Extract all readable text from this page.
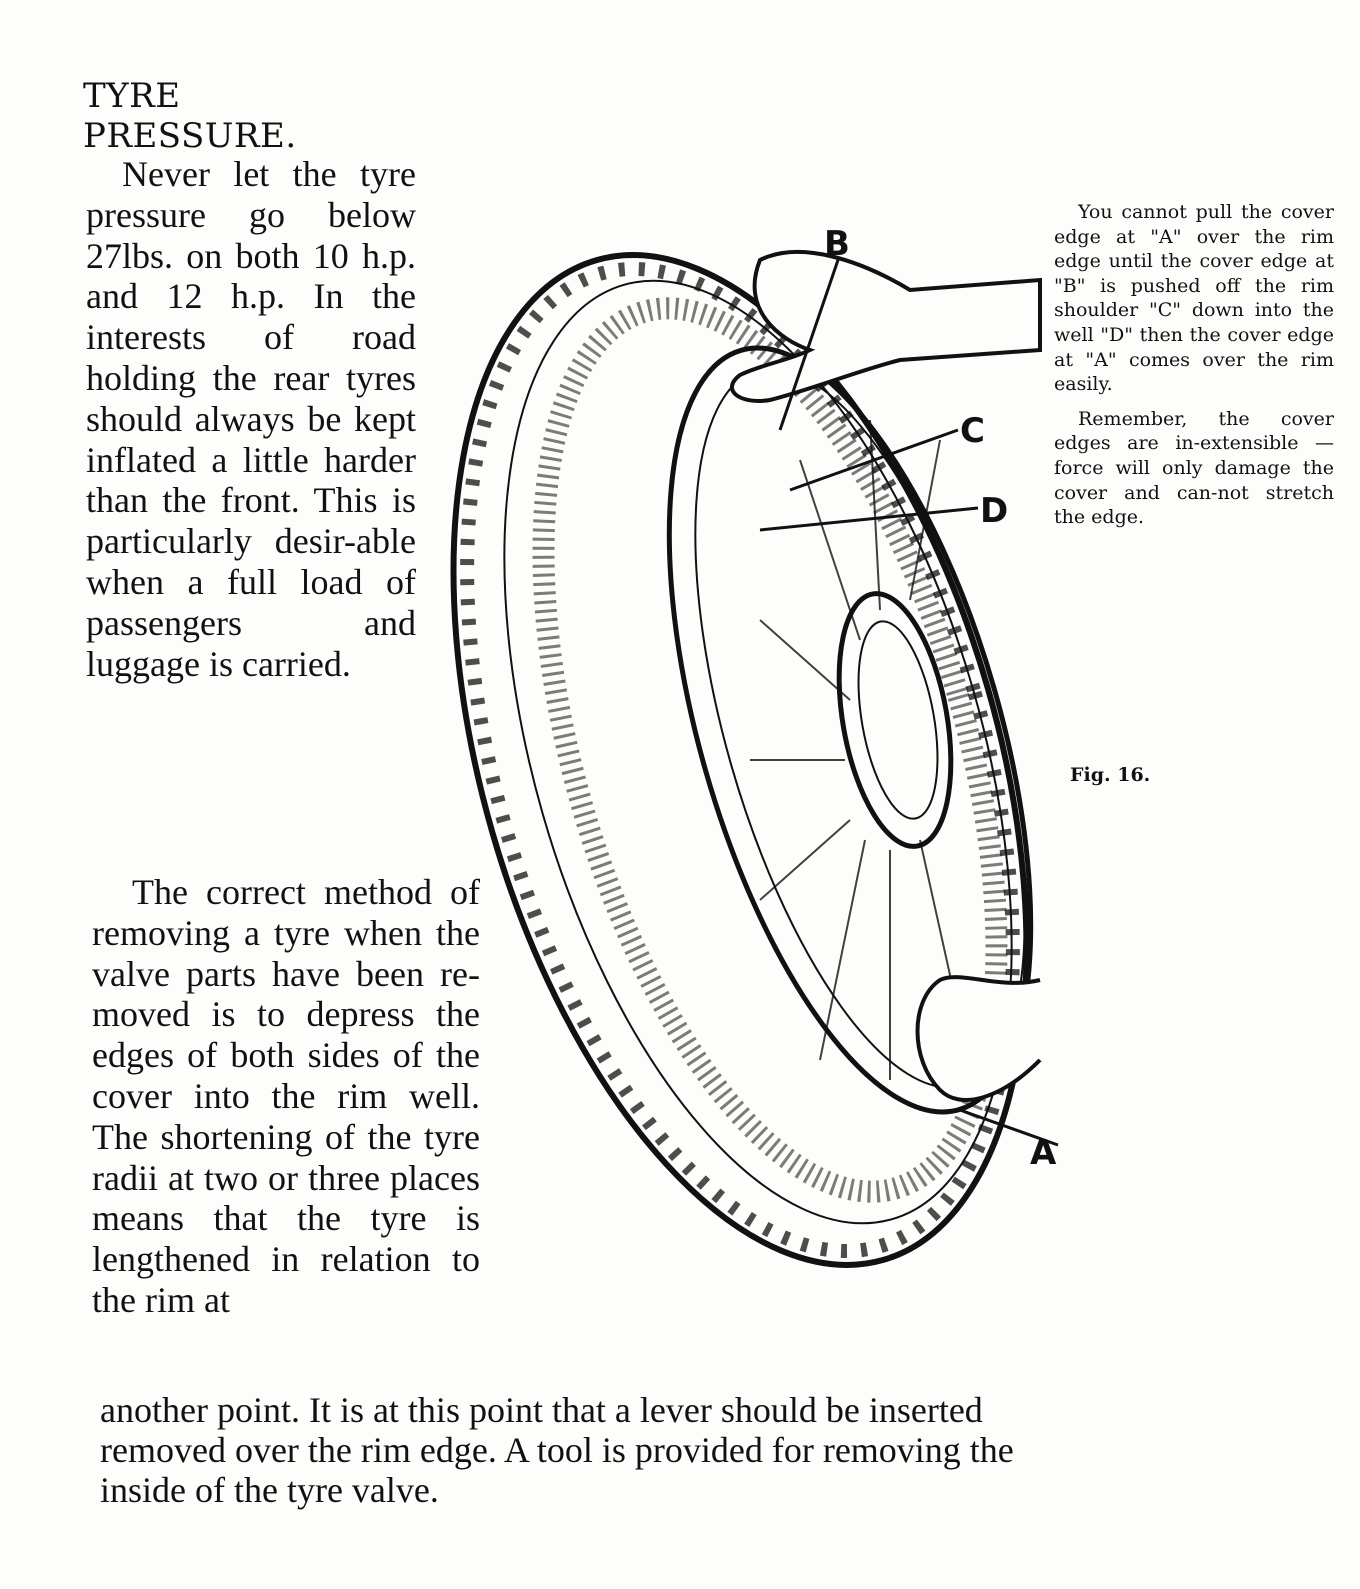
TYRE
PRESSURE.

Never let the tyre pressure go below 27lbs. on both 10 h.p. and 12 h.p. In the interests of road holding the rear tyres should always be kept inflated a little harder than the front. This is particularly desir-able when a full load of passengers and luggage is carried.

The correct method of removing a tyre when the valve parts have been re-moved is to depress the edges of both sides of the cover into the rim well. The shortening of the tyre radii at two or three places means that the tyre is lengthened in relation to the rim at

another point. It is at this point that a lever should be inserted

removed over the rim edge. A tool is provided for removing the

inside of the tyre valve.

You cannot pull the cover edge at "A" over the rim edge until the cover edge at "B" is pushed off the rim shoulder "C" down into the well "D" then the cover edge at "A" comes over the rim easily.

Remember, the cover edges are in-extensible — force will only damage the cover and can-not stretch the edge.

Fig. 16.
B
C
D
A
